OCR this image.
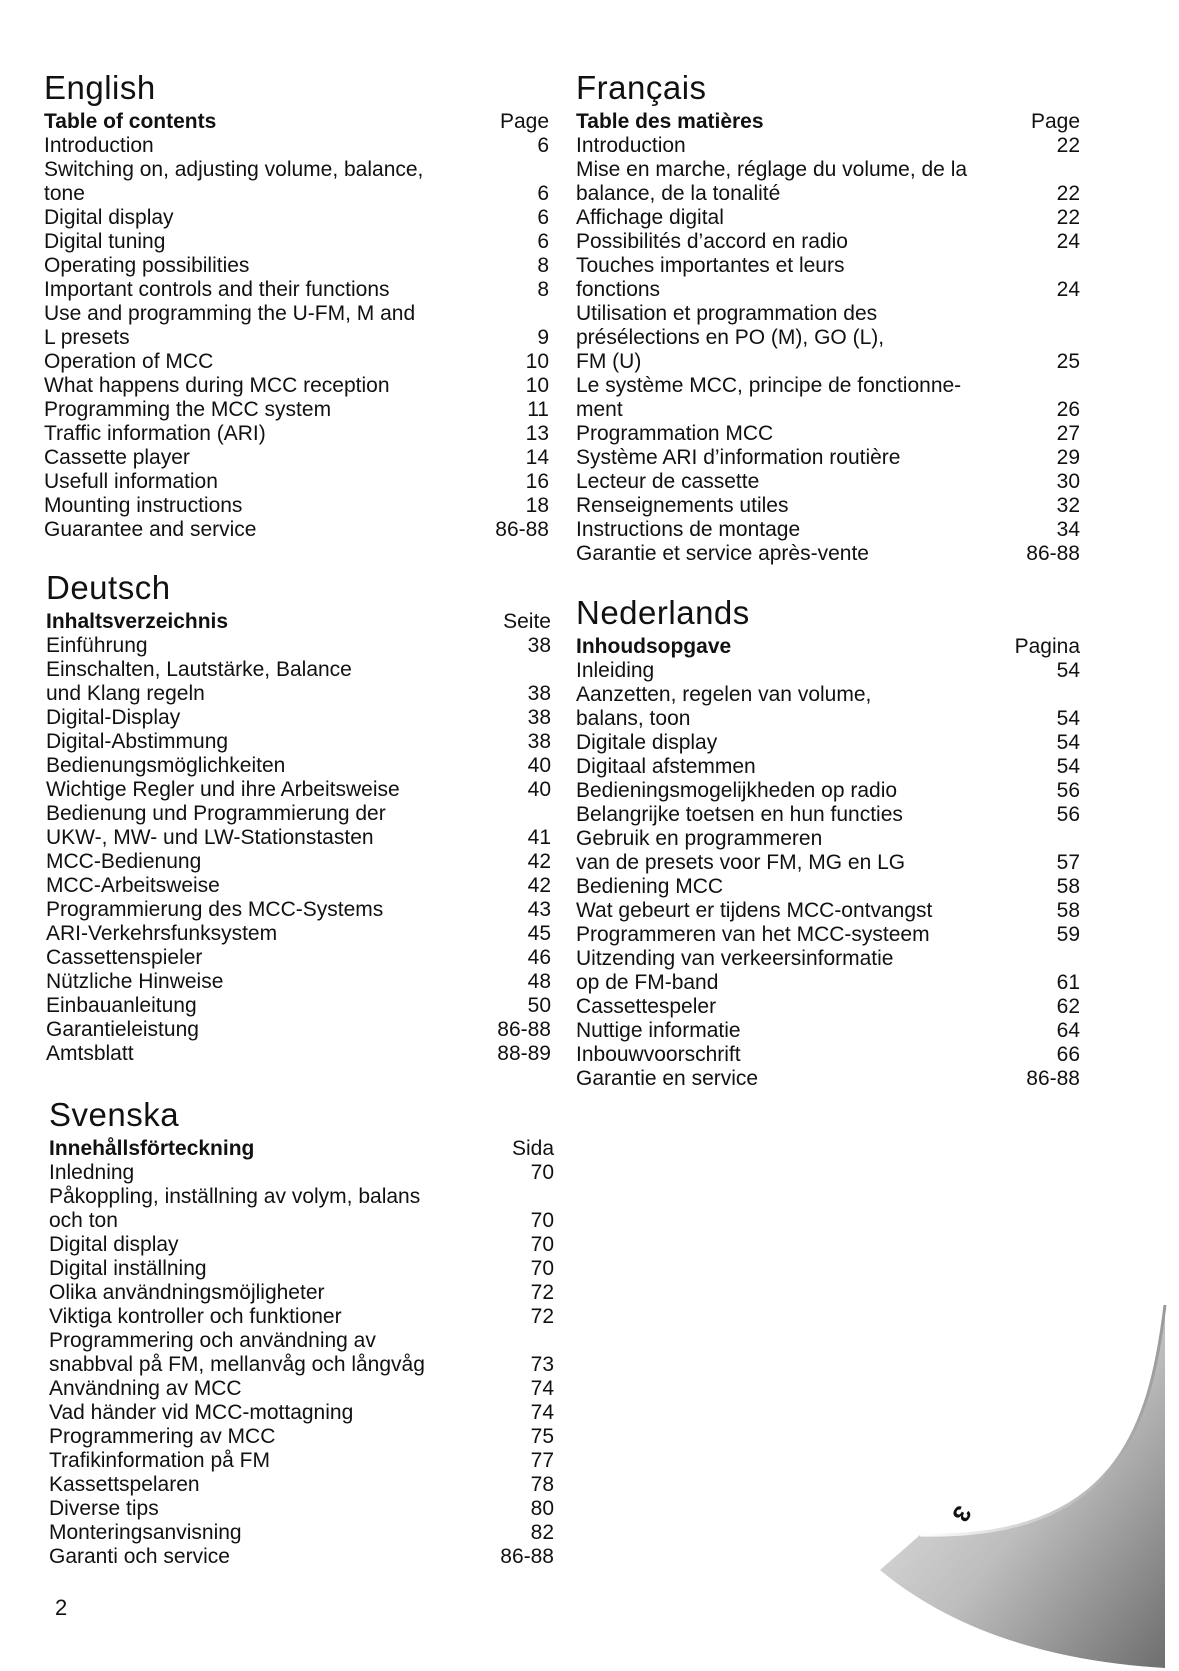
English
Table of contents	Page
Introduction	6
Switching on, adjusting volume, balance,
tone	6
Digital display	6
Digital tuning	6
Operating possibilities	8
Important controls and their functions	8
Use and programming the U-FM, M and
L presets	9
Operation of MCC	10
What happens during MCC reception	10
Programming the MCC system	11
Traffic information (ARI)	13
Cassette player	14
Usefull information	16
Mounting instructions	18
Guarantee and service	86-88
Deutsch
Inhaltsverzeichnis	Seite
Einführung	38
Einschalten, Lautstärke, Balance
und Klang regeln	38
Digital-Display	38
Digital-Abstimmung	38
Bedienungsmöglichkeiten	40
Wichtige Regler und ihre Arbeitsweise	40
Bedienung und Programmierung der
UKW-, MW- und LW-Stationstasten	41
MCC-Bedienung	42
MCC-Arbeitsweise	42
Programmierung des MCC-Systems	43
ARI-Verkehrsfunksystem	45
Cassettenspieler	46
Nützliche Hinweise	48
Einbauanleitung	50
Garantieleistung	86-88
Amtsblatt	88-89
Svenska
Innehållsförteckning	Sida
Inledning	70
Påkoppling, inställning av volym, balans
och ton	70
Digital display	70
Digital inställning	70
Olika användningsmöjligheter	72
Viktiga kontroller och funktioner	72
Programmering och användning av
snabbval på FM, mellanvåg och långvåg	73
Användning av MCC	74
Vad händer vid MCC-mottagning	74
Programmering av MCC	75
Trafikinformation på FM	77
Kassettspelaren	78
Diverse tips	80
Monteringsanvisning	82
Garanti och service	86-88
Français
Table des matières	Page
Introduction	22
Mise en marche, réglage du volume, de la
balance, de la tonalité	22
Affichage digital	22
Possibilités d’accord en radio	24
Touches importantes et leurs
fonctions	24
Utilisation et programmation des
présélections en PO (M), GO (L),
FM (U)	25
Le système MCC, principe de fonctionne-
ment	26
Programmation MCC	27
Système ARI d’information routière	29
Lecteur de cassette	30
Renseignements utiles	32
Instructions de montage	34
Garantie et service après-vente	86-88
Nederlands
Inhoudsopgave	Pagina
Inleiding	54
Aanzetten, regelen van volume,
balans, toon	54
Digitale display	54
Digitaal afstemmen	54
Bedieningsmogelijkheden op radio	56
Belangrijke toetsen en hun functies	56
Gebruik en programmeren
van de presets voor FM, MG en LG	57
Bediening MCC	58
Wat gebeurt er tijdens MCC-ontvangst	58
Programmeren van het MCC-systeem	59
Uitzending van verkeersinformatie
op de FM-band	61
Cassettespeler	62
Nuttige informatie	64
Inbouwvoorschrift	66
Garantie en service	86-88
2
3
